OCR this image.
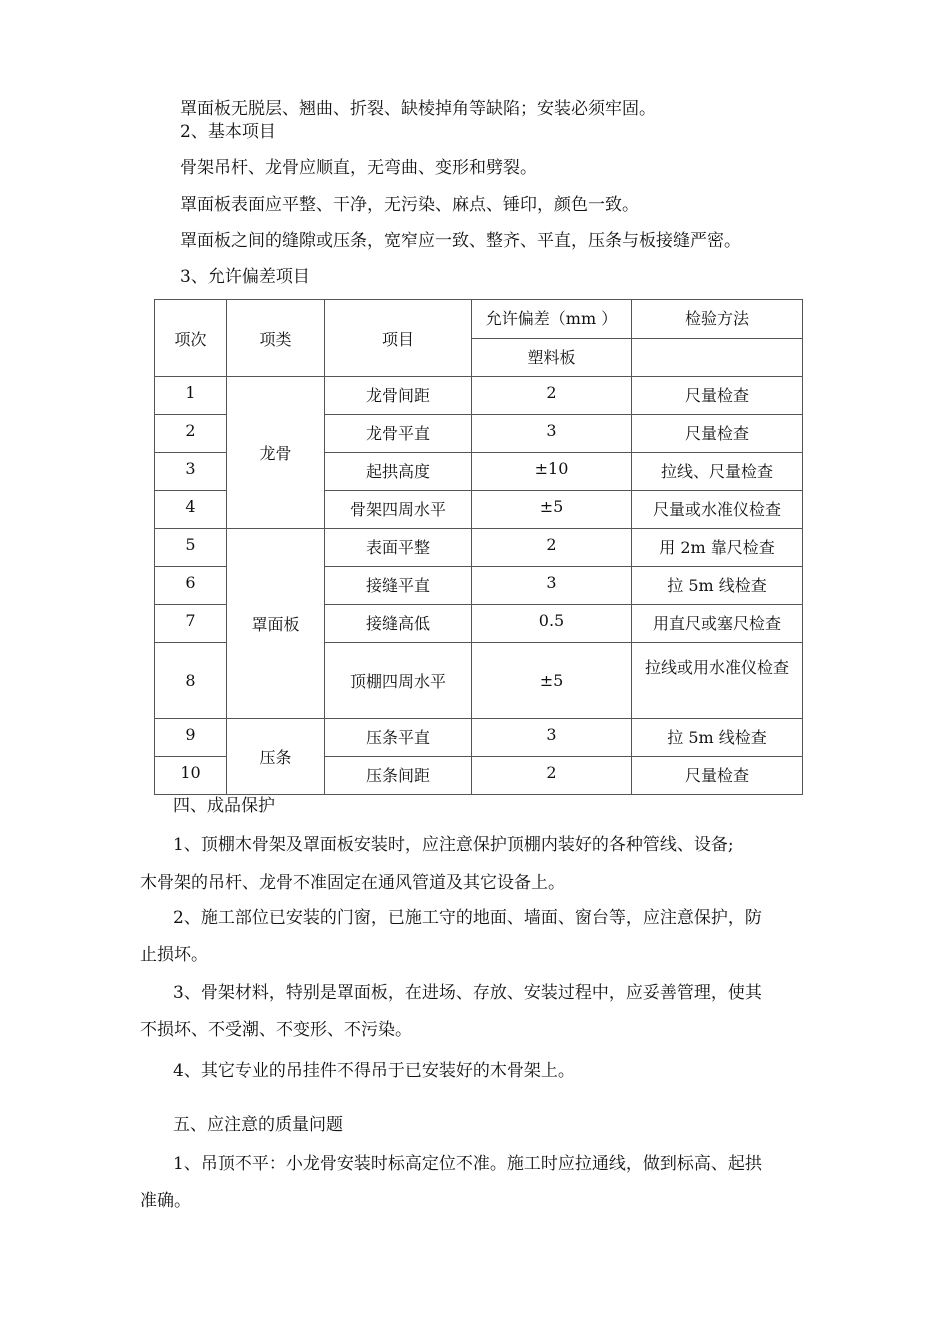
罩面板无脱层、翘曲、折裂、缺棱掉角等缺陷；安装必须牢固。
2、基本项目
骨架吊杆、龙骨应顺直，无弯曲、变形和劈裂。
罩面板表面应平整、干净，无污染、麻点、锤印，颜色一致。
罩面板之间的缝隙或压条，宽窄应一致、整齐、平直，压条与板接缝严密。
3、允许偏差项目
项次	项类	项目	允许偏差（mm ）	检验方法
			塑料板	
1	龙骨	龙骨间距	2	尺量检查
2		龙骨平直	3	尺量检查
3		起拱高度	±10	拉线、尺量检查
4		骨架四周水平	±5	尺量或水准仪检查
5	罩面板	表面平整	2	用 2m 靠尺检查
6		接缝平直	3	拉 5m 线检查
7		接缝高低	0.5	用直尺或塞尺检查
8		顶棚四周水平	±5	拉线或用水准仪检查
9	压条	压条平直	3	拉 5m 线检查
10		压条间距	2	尺量检查
四、成品保护
1、顶棚木骨架及罩面板安装时，应注意保护顶棚内装好的各种管线、设备;
木骨架的吊杆、龙骨不准固定在通风管道及其它设备上。
2、施工部位已安装的门窗，已施工守的地面、墙面、窗台等，应注意保护，防
止损坏。
3、骨架材料，特别是罩面板，在进场、存放、安装过程中，应妥善管理，使其
不损坏、不受潮、不变形、不污染。
4、其它专业的吊挂件不得吊于已安装好的木骨架上。
五、应注意的质量问题
1、吊顶不平：小龙骨安装时标高定位不准。施工时应拉通线，做到标高、起拱
准确。
